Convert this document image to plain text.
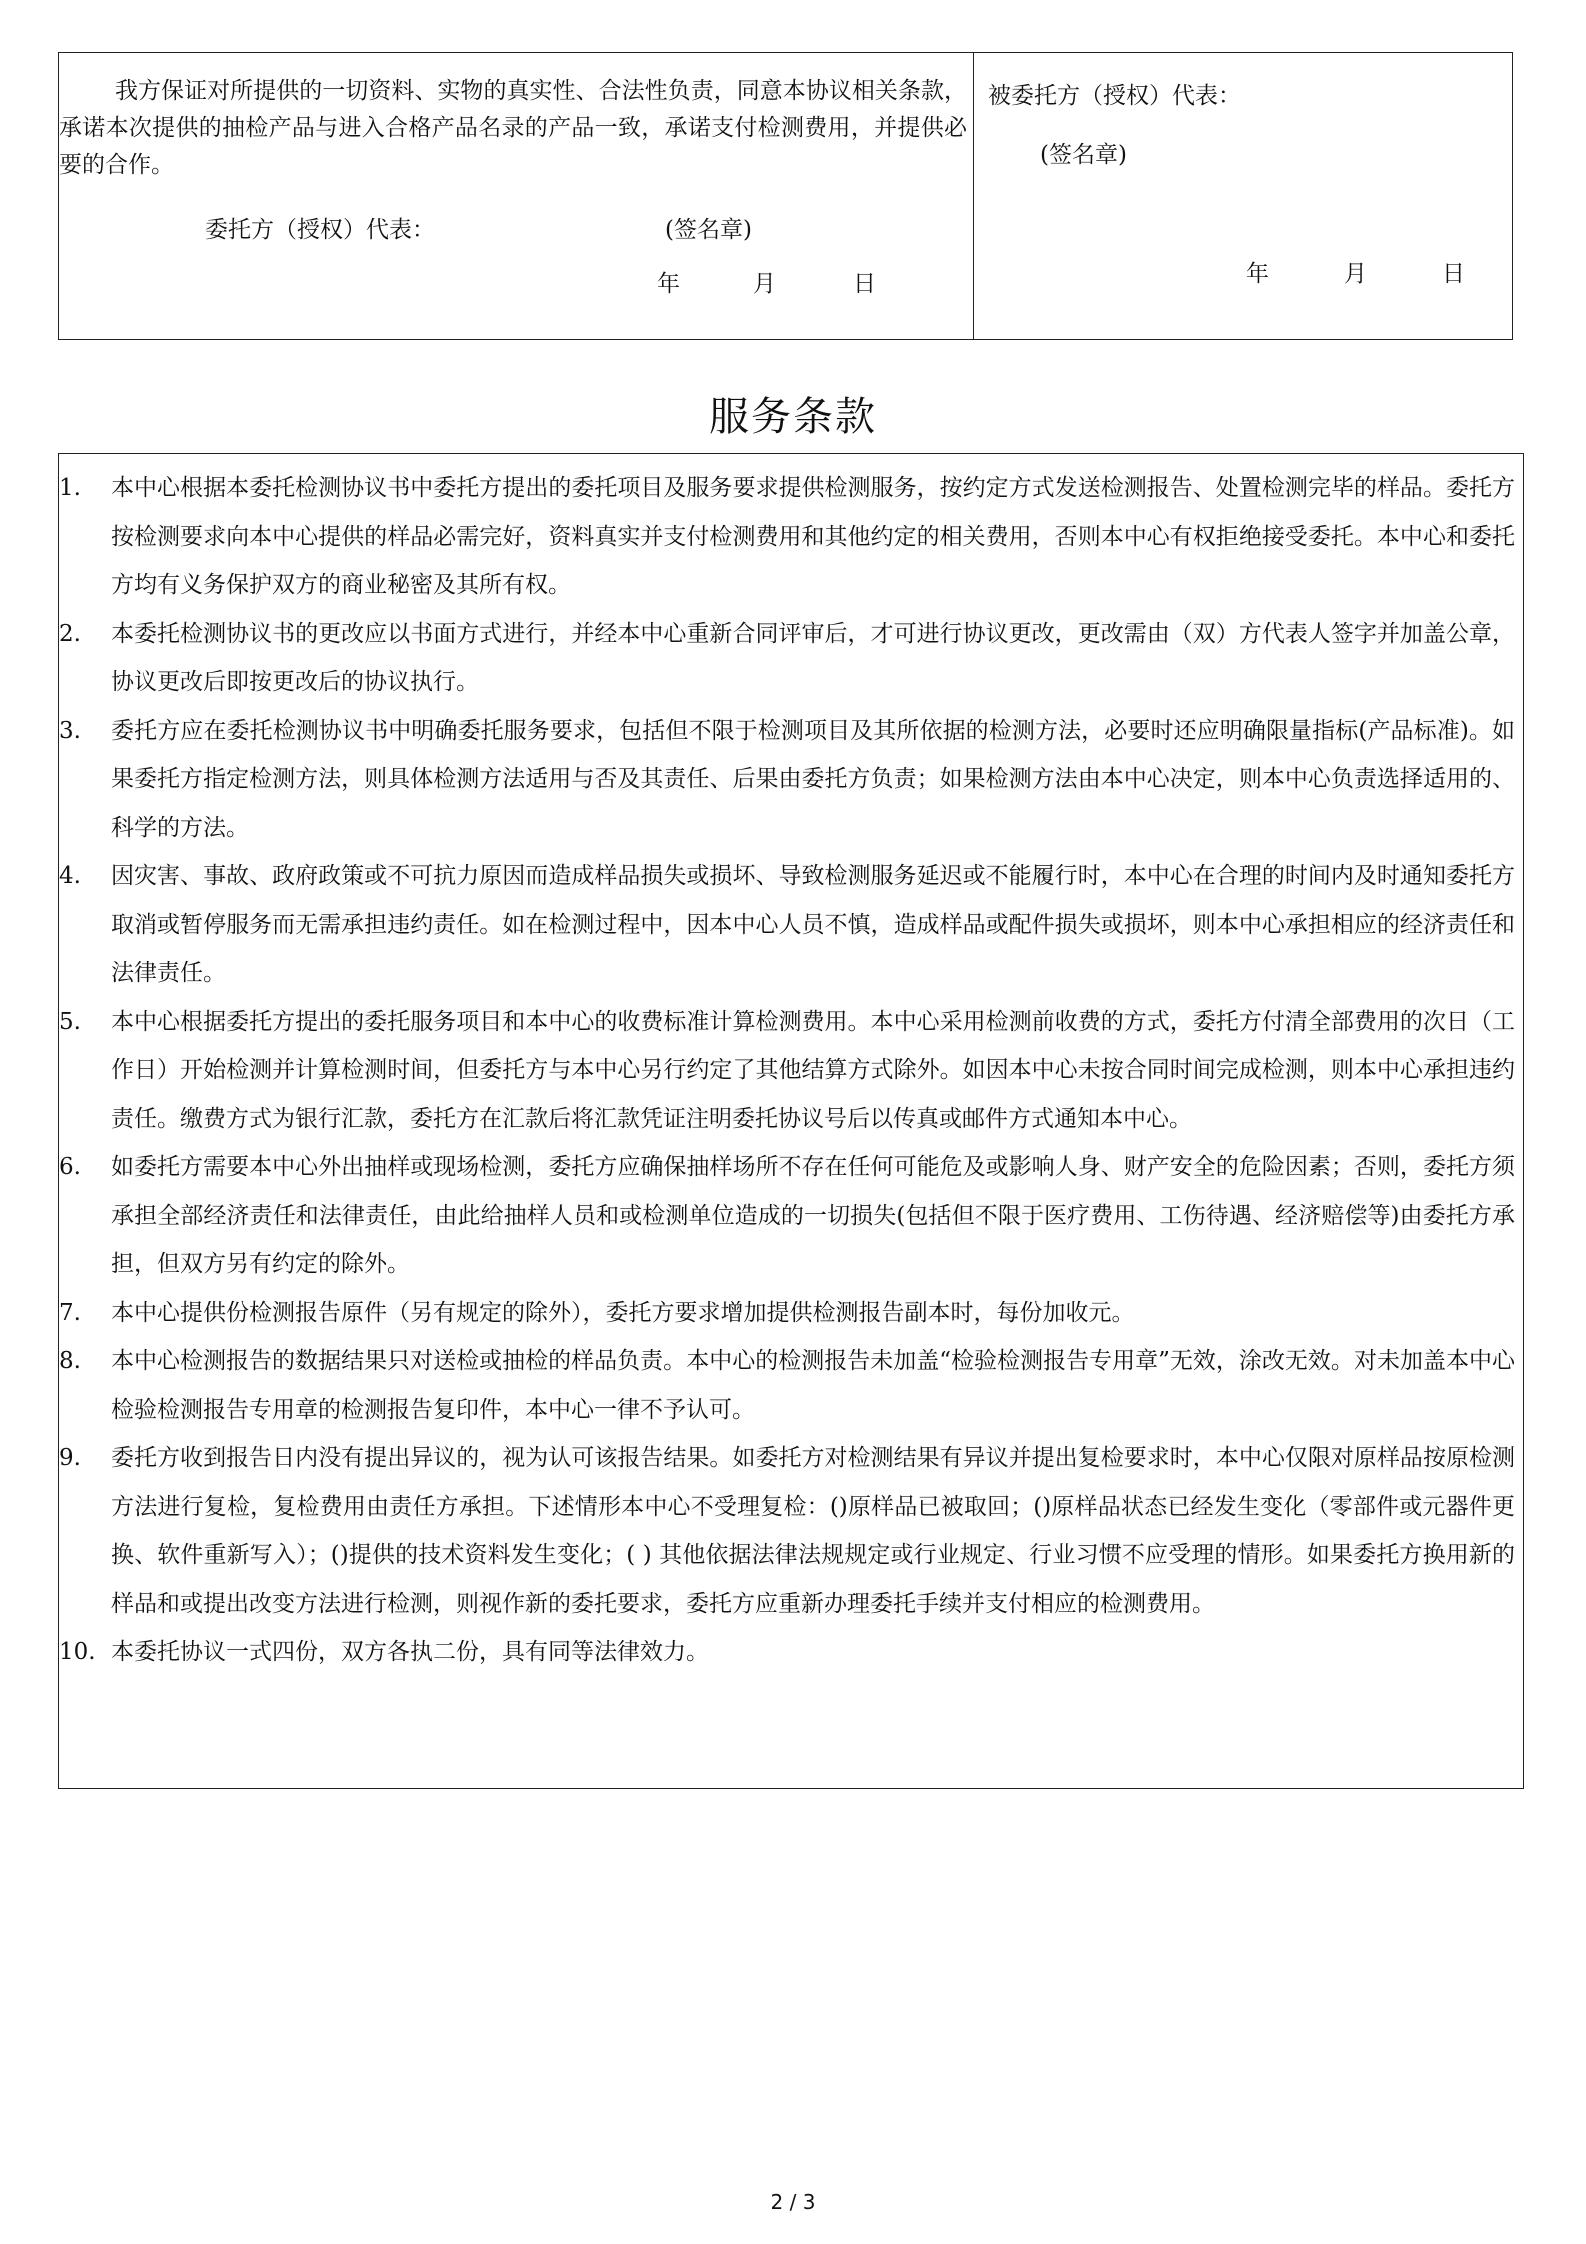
我方保证对所提供的一切资料、实物的真实性、合法性负责，同意本协议相关条款，承诺本次提供的抽检产品与进入合格产品名录的产品一致，承诺支付检测费用，并提供必要的合作。
委托方（授权）代表：	(签名章)
年	月	日
被委托方（授权）代表：
(签名章)
年	月	日
服务条款
1. 本中心根据本委托检测协议书中委托方提出的委托项目及服务要求提供检测服务，按约定方式发送检测报告、处置检测完毕的样品。委托方按检测要求向本中心提供的样品必需完好，资料真实并支付检测费用和其他约定的相关费用，否则本中心有权拒绝接受委托。本中心和委托方均有义务保护双方的商业秘密及其所有权。
2. 本委托检测协议书的更改应以书面方式进行，并经本中心重新合同评审后，才可进行协议更改，更改需由（双）方代表人签字并加盖公章，协议更改后即按更改后的协议执行。
3. 委托方应在委托检测协议书中明确委托服务要求，包括但不限于检测项目及其所依据的检测方法，必要时还应明确限量指标(产品标准)。如果委托方指定检测方法，则具体检测方法适用与否及其责任、后果由委托方负责；如果检测方法由本中心决定，则本中心负责选择适用的、科学的方法。
4. 因灾害、事故、政府政策或不可抗力原因而造成样品损失或损坏、导致检测服务延迟或不能履行时，本中心在合理的时间内及时通知委托方取消或暂停服务而无需承担违约责任。如在检测过程中，因本中心人员不慎，造成样品或配件损失或损坏，则本中心承担相应的经济责任和法律责任。
5. 本中心根据委托方提出的委托服务项目和本中心的收费标准计算检测费用。本中心采用检测前收费的方式，委托方付清全部费用的次日（工作日）开始检测并计算检测时间，但委托方与本中心另行约定了其他结算方式除外。如因本中心未按合同时间完成检测，则本中心承担违约责任。缴费方式为银行汇款，委托方在汇款后将汇款凭证注明委托协议号后以传真或邮件方式通知本中心。
6. 如委托方需要本中心外出抽样或现场检测，委托方应确保抽样场所不存在任何可能危及或影响人身、财产安全的危险因素；否则，委托方须承担全部经济责任和法律责任，由此给抽样人员和或检测单位造成的一切损失(包括但不限于医疗费用、工伤待遇、经济赔偿等)由委托方承担，但双方另有约定的除外。
7. 本中心提供份检测报告原件（另有规定的除外），委托方要求增加提供检测报告副本时，每份加收元。
8. 本中心检测报告的数据结果只对送检或抽检的样品负责。本中心的检测报告未加盖“检验检测报告专用章”无效，涂改无效。对未加盖本中心检验检测报告专用章的检测报告复印件，本中心一律不予认可。
9. 委托方收到报告日内没有提出异议的，视为认可该报告结果。如委托方对检测结果有异议并提出复检要求时，本中心仅限对原样品按原检测方法进行复检，复检费用由责任方承担。下述情形本中心不受理复检：()原样品已被取回；()原样品状态已经发生变化（零部件或元器件更换、软件重新写入）；()提供的技术资料发生变化；( ) 其他依据法律法规规定或行业规定、行业习惯不应受理的情形。如果委托方换用新的样品和或提出改变方法进行检测，则视作新的委托要求，委托方应重新办理委托手续并支付相应的检测费用。
10. 本委托协议一式四份，双方各执二份，具有同等法律效力。
2 / 3
